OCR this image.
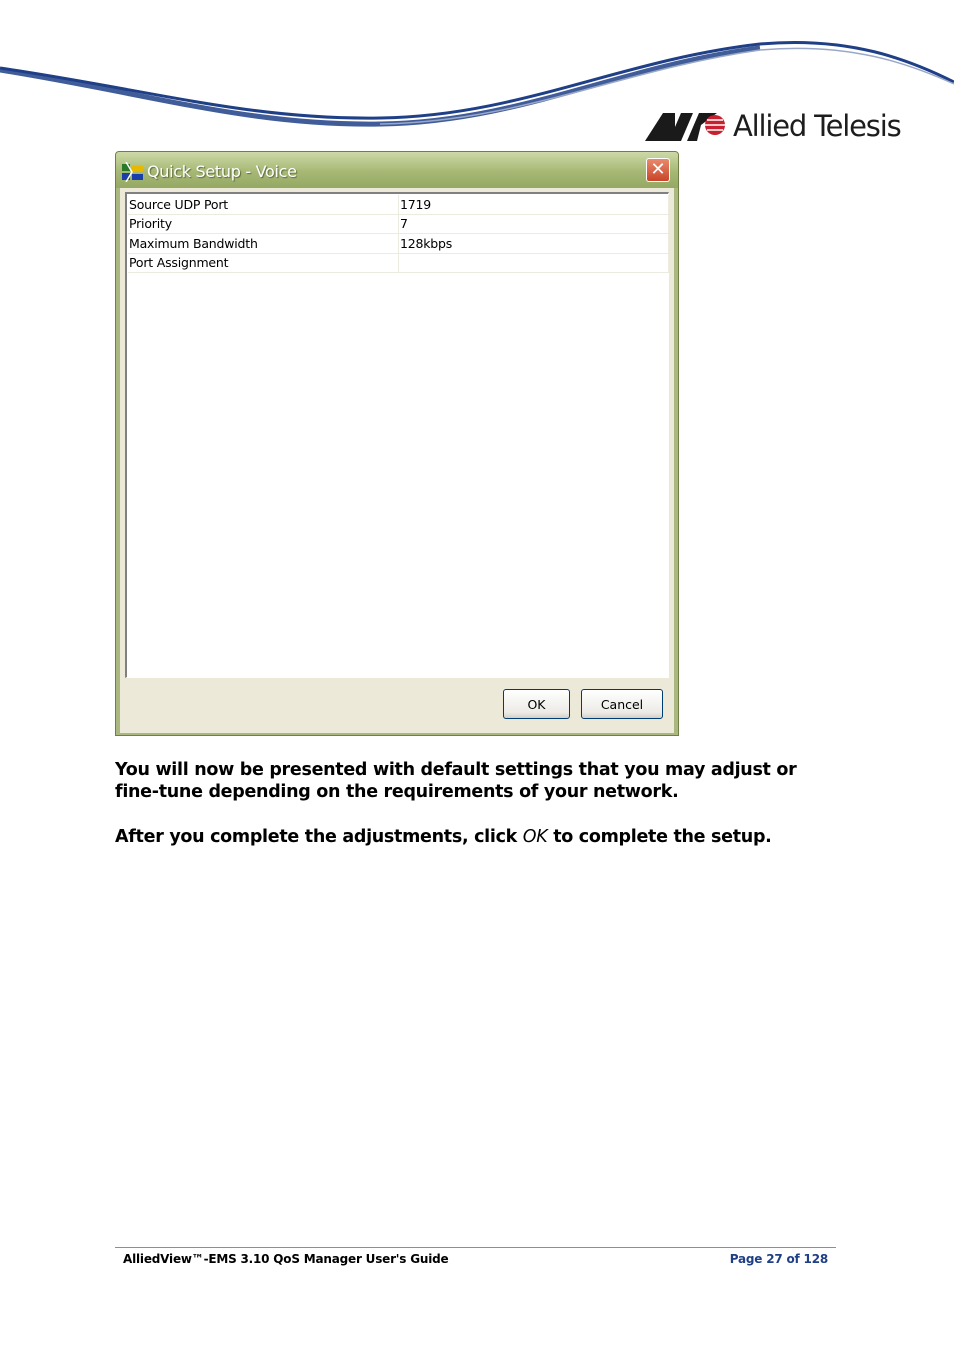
Allied Telesis
Quick Setup - Voice	✕
Source UDP Port	1719
Priority	7
Maximum Bandwidth	128kbps
Port Assignment	
OK	Cancel
You will now be presented with default settings that you may adjust or fine-tune depending on the requirements of your network.
After you complete the adjustments, click OK to complete the setup.
AlliedView™-EMS 3.10 QoS Manager User's Guide	Page 27 of 128
